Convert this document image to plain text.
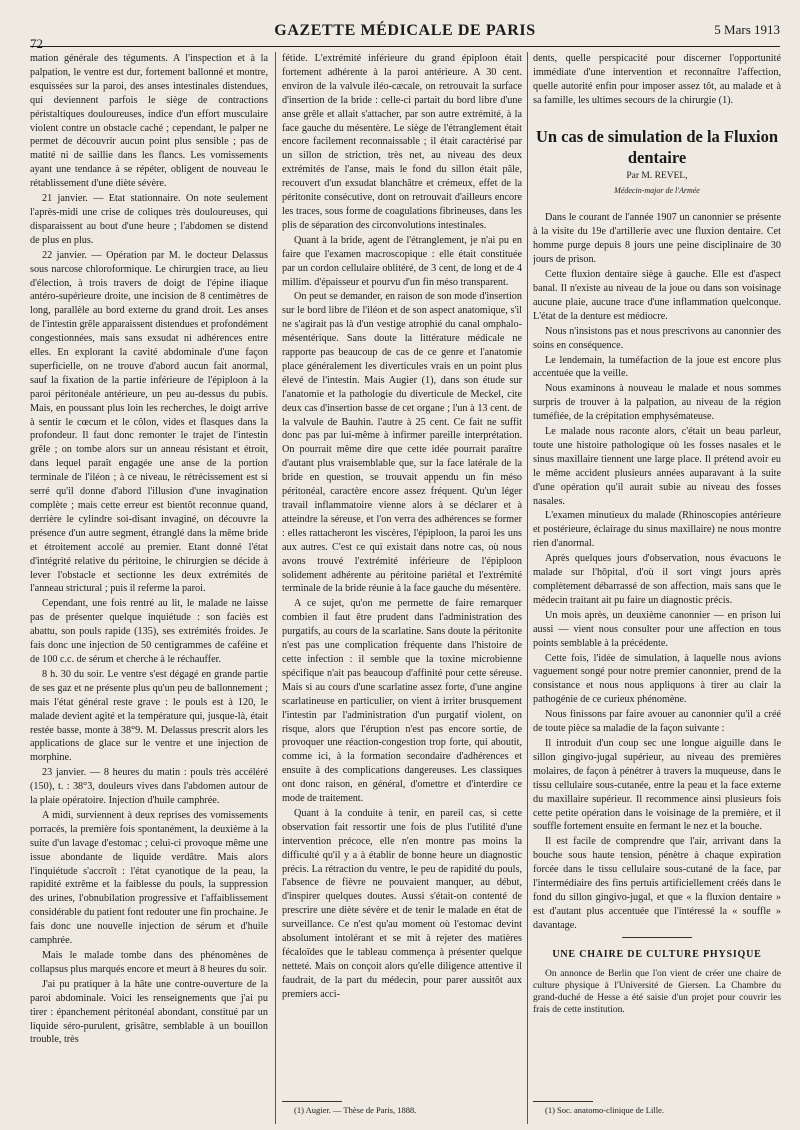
72
GAZETTE MÉDICALE DE PARIS	5 Mars 1913

mation générale des téguments. A l'inspection et à la palpation, le ventre est dur, fortement ballonné et montre, esquissées sur la paroi, des anses intestinales distendues, qui deviennent parfois le siège de contractions péristaltiques douloureuses, indice d'un effort musculaire violent contre un obstacle caché ; cependant, le palper ne permet de découvrir aucun point plus sensible ; pas de matité ni de saillie dans les flancs. Les vomissements ayant une tendance à se répéter, obligent de nouveau le rétablissement d'une diète sévère.

21 janvier. — Etat stationnaire. On note seulement l'après-midi une crise de coliques très douloureuses, qui disparaissent au bout d'une heure ; l'abdomen se distend de plus en plus.

22 janvier. — Opération par M. le docteur Delassus sous narcose chloroformique. Le chirurgien trace, au lieu d'élection, à trois travers de doigt de l'épine iliaque antéro-supérieure droite, une incision de 8 centimètres de long, parallèle au bord externe du grand droit. Les anses de l'intestin grêle apparaissent distendues et profondément congestionnées, mais sans exsudat ni adhérences entre elles. En explorant la cavité abdominale d'une façon superficielle, on ne trouve d'abord aucun fait anormal, sauf la fixation de la partie inférieure de l'épiploon à la paroi péritonéale antérieure, un peu au-dessus du pubis. Mais, en poussant plus loin les recherches, le doigt arrive à sentir le cœcum et le côlon, vides et flasques dans la profondeur. Il faut donc remonter le trajet de l'intestin grêle ; on tombe alors sur un anneau résistant et étroit, dans lequel paraît engagée une anse de la portion terminale de l'iléon ; à ce niveau, le rétrécissement est si serré qu'il donne d'abord l'illusion d'une invagination complète ; mais cette erreur est bientôt reconnue quand, derrière le cylindre soi-disant invaginé, on découvre la présence d'un autre segment, étranglé dans la même bride et étroitement accolé au premier. Etant donné l'état d'intégrité relative du péritoine, le chirurgien se décide à lever l'obstacle et sectionne les deux extrémités de l'anneau strictural ; puis il referme la paroi.

Cependant, une fois rentré au lit, le malade ne laisse pas de présenter quelque inquiétude : son faciès est abattu, son pouls rapide (135), ses extrémités froides. Je fais donc une injection de 50 centigrammes de caféine et de 100 c.c. de sérum et cherche à le réchauffer.

8 h. 30 du soir. Le ventre s'est dégagé en grande partie de ses gaz et ne présente plus qu'un peu de ballonnement ; mais l'état général reste grave : le pouls est à 120, le malade devient agité et la température qui, jusque-là, était restée basse, monte à 38°9. M. Delassus prescrit alors les applications de glace sur le ventre et une injection de morphine.

23 janvier. — 8 heures du matin : pouls très accéléré (150), t. : 38°3, douleurs vives dans l'abdomen autour de la plaie opératoire. Injection d'huile camphrée.

A midi, surviennent à deux reprises des vomissements porracés, la première fois spontanément, la deuxième à la suite d'un lavage d'estomac ; celui-ci provoque même une issue abondante de liquide verdâtre. Mais alors l'inquiétude s'accroît : l'état cyanotique de la peau, la rapidité extrême et la faiblesse du pouls, la suppression des urines, l'obnubilation progressive et l'affaiblissement considérable du patient font redouter une fin prochaine. Je fais donc une nouvelle injection de sérum et d'huile camphrée.

Mais le malade tombe dans des phénomènes de collapsus plus marqués encore et meurt à 8 heures du soir.

J'ai pu pratiquer à la hâte une contre-ouverture de la paroi abdominale. Voici les renseignements que j'ai pu tirer : épanchement péritonéal abondant, constitué par un liquide séro-purulent, grisâtre, semblable à un bouillon trouble, très

fétide. L'extrémité inférieure du grand épiploon était fortement adhérente à la paroi antérieure. A 30 cent. environ de la valvule iléo-cæcale, on retrouvait la surface d'insertion de la bride : celle-ci partait du bord libre d'une anse grêle et allait s'attacher, par son autre extrémité, à la face gauche du mésentère. Le siège de l'étranglement était encore facilement reconnaissable ; il était caractérisé par un sillon de striction, très net, au niveau des deux extrémités de l'anse, mais le fond du sillon était pâle, recouvert d'un exsudat blanchâtre et crémeux, effet de la péritonite consécutive, dont on retrouvait d'ailleurs encore les traces, sous forme de coagulations fibrineuses, dans les plis de séparation des circonvolutions intestinales.

Quant à la bride, agent de l'étranglement, je n'ai pu en faire que l'examen macroscopique : elle était constituée par un cordon cellulaire oblitéré, de 3 cent, de long et de 4 millim. d'épaisseur et pourvu d'un fin méso transparent.

On peut se demander, en raison de son mode d'insertion sur le bord libre de l'iléon et de son aspect anatomique, s'il ne s'agirait pas là d'un vestige atrophié du canal omphalo-mésentérique. Sans doute la littérature médicale ne rapporte pas beaucoup de cas de ce genre et l'anatomie place généralement les diverticules vrais en un point plus élevé de l'intestin. Mais Augier (1), dans son étude sur l'anatomie et la pathologie du diverticule de Meckel, cite deux cas d'insertion basse de cet organe ; l'un à 13 cent. de la valvule de Bauhin. l'autre à 25 cent. Ce fait ne suffit donc pas par lui-même à infirmer pareille interprétation. On pourrait même dire que cette idée pourrait paraître d'autant plus vraisemblable que, sur la face latérale de la bride en question, se trouvait appendu un fin méso péritonéal, caractère encore assez fréquent. Qu'un léger travail inflammatoire vienne alors à se déclarer et à atteindre la séreuse, et l'on verra des adhérences se former : elles rattacheront les viscères, l'épiploon, la paroi les uns aux autres. C'est ce qui existait dans notre cas, où nous avons trouvé l'extrémité inférieure de l'épiploon solidement adhérente au péritoine pariétal et l'extrémité terminale de la bride réunie à la face gauche du mésentère.

A ce sujet, qu'on me permette de faire remarquer combien il faut être prudent dans l'administration des purgatifs, au cours de la scarlatine. Sans doute la péritonite n'est pas une complication fréquente dans l'histoire de cette infection : il semble que la toxine microbienne spécifique n'ait pas beaucoup d'affinité pour cette séreuse. Mais si au cours d'une scarlatine assez forte, d'une angine scarlatineuse en particulier, on vient à irriter brusquement l'intestin par l'administration d'un purgatif violent, on risque, alors que l'éruption n'est pas encore sortie, de provoquer une réaction-congestion trop forte, qui aboutit, comme ici, à la formation secondaire d'adhérences et ensuite à des complications dangereuses. Les classiques ont donc raison, en général, d'omettre et d'interdire ce mode de traitement.

Quant à la conduite à tenir, en pareil cas, si cette observation fait ressortir une fois de plus l'utilité d'une intervention précoce, elle n'en montre pas moins la difficulté qu'il y a à établir de bonne heure un diagnostic précis. La rétraction du ventre, le peu de rapidité du pouls, l'absence de fièvre ne pouvaient manquer, au début, d'inspirer quelques doutes. Aussi s'était-on contenté de prescrire une diète sévère et de tenir le malade en état de surveillance. Ce n'est qu'au moment où l'estomac devint absolument intolérant et se mit à rejeter des matières fécaloïdes que le tableau commença à présenter quelque netteté. Mais on conçoit alors qu'elle diligence attentive il faudrait, de la part du médecin, pour parer aussitôt aux premiers acci-

(1) Augier. — Thèse de Paris, 1888.

dents, quelle perspicacité pour discerner l'opportunité immédiate d'une intervention et reconnaître l'affection, quelle autorité enfin pour imposer assez tôt, au malade et à sa famille, les ultimes secours de la chirurgie (1).

Un cas de simulation de la Fluxion dentaire
Par M. REVEL,
Médecin-major de l'Armée

Dans le courant de l'année 1907 un canonnier se présente à la visite du 19e d'artillerie avec une fluxion dentaire. Cet homme purge depuis 8 jours une peine disciplinaire de 30 jours de prison.

Cette fluxion dentaire siège à gauche. Elle est d'aspect banal. Il n'existe au niveau de la joue ou dans son voisinage aucune plaie, aucune trace d'une inflammation quelconque. L'état de la denture est médiocre.

Nous n'insistons pas et nous prescrivons au canonnier des soins en conséquence.

Le lendemain, la tuméfaction de la joue est encore plus accentuée que la veille.

Nous examinons à nouveau le malade et nous sommes surpris de trouver à la palpation, au niveau de la région tuméfiée, de la crépitation emphysémateuse.

Le malade nous raconte alors, c'était un beau parleur, toute une histoire pathologique où les fosses nasales et le sinus maxillaire tiennent une large place. Il prétend avoir eu le même accident plusieurs années auparavant à la suite d'une opération qu'il aurait subie au niveau des fosses nasales.

L'examen minutieux du malade (Rhinoscopies antérieure et postérieure, éclairage du sinus maxillaire) ne nous montre rien d'anormal.

Après quelques jours d'observation, nous évacuons le malade sur l'hôpital, d'où il sort vingt jours après complètement débarrassé de son affection, mais sans que le médecin traitant ait pu faire un diagnostic précis.

Un mois après, un deuxième canonnier — en prison lui aussi — vient nous consulter pour une affection en tous points semblable à la précédente.

Cette fois, l'idée de simulation, à laquelle nous avions vaguement songé pour notre premier canonnier, prend de la consistance et nous nous appliquons à tirer au clair la pathogénie de ce curieux phénomène.

Nous finissons par faire avouer au canonnier qu'il a créé de toute pièce sa maladie de la façon suivante :

Il introduit d'un coup sec une longue aiguille dans le sillon gingivo-jugal supérieur, au niveau des premières molaires, de façon à pénétrer à travers la muqueuse, dans le tissu cellulaire sous-cutanée, entre la peau et la face externe du maxillaire supérieur. Il recommence ainsi plusieurs fois cette petite opération dans le voisinage de la première, et il souffle fortement ensuite en fermant le nez et la bouche.

Il est facile de comprendre que l'air, arrivant dans la bouche sous haute tension, pénètre à chaque expiration forcée dans le tissu cellulaire sous-cutané de la face, par l'intermédiaire des fins pertuis artificiellement créés dans le fond du sillon gingivo-jugal, et que « la fluxion dentaire » est d'autant plus accentuée que l'intéressé la « souffle » davantage.

UNE CHAIRE DE CULTURE PHYSIQUE

On annonce de Berlin que l'on vient de créer une chaire de culture physique à l'Université de Giersen. La Chambre du grand-duché de Hesse a été saisie d'un projet pour couvrir les frais de cette institution.

(1) Soc. anatomo-clinique de Lille.
